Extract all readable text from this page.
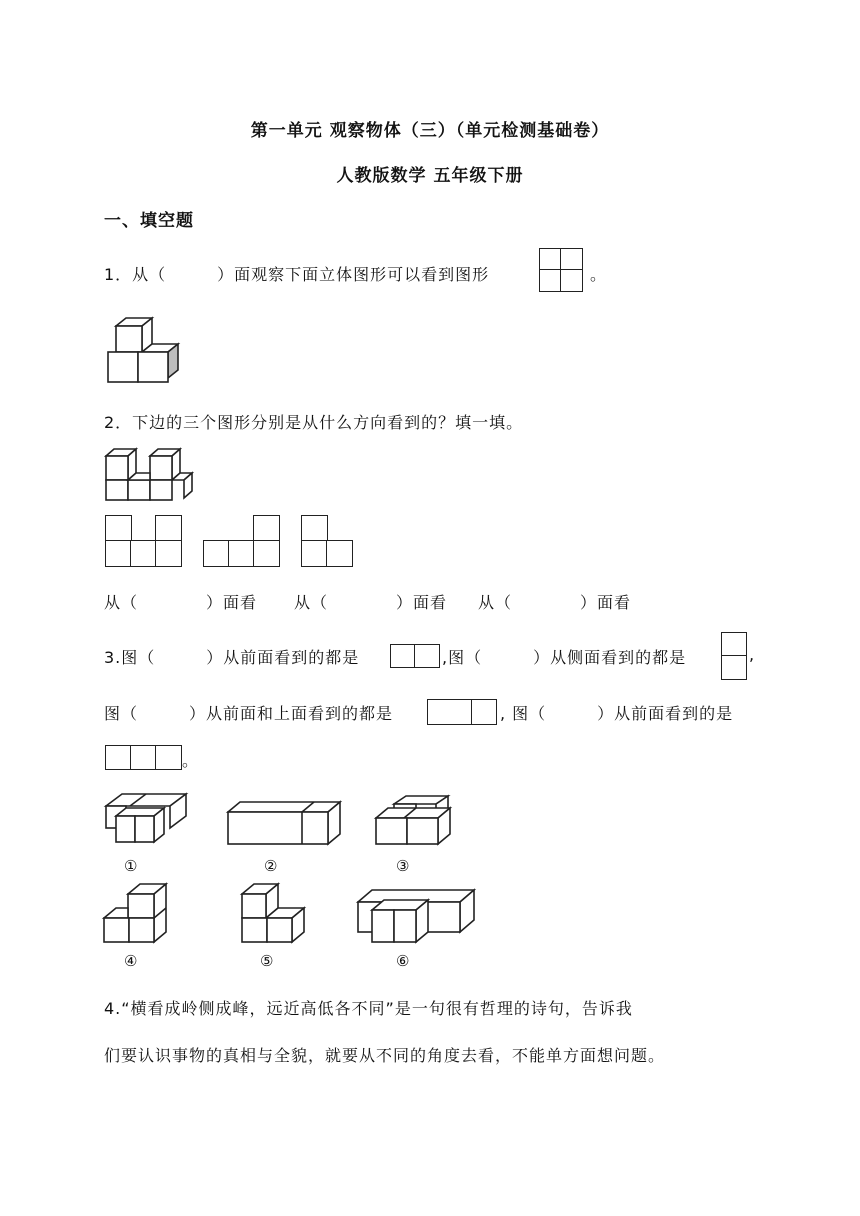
第一单元 观察物体（三）（单元检测基础卷）
人教版数学 五年级下册
一、填空题
1．从（　　　）面观察下面立体图形可以看到图形	。
2．下边的三个图形分别是从什么方向看到的？填一填。
从（　　　　）面看 从（　　　　）面看 从（　　　　）面看
3.图（　　　）从前面看到的都是	,图（　　　）从侧面看到的都是	,
图（　　　）从前面和上面看到的都是	, 图（　　　）从前面看到的是
。
①	②	③
④	⑤	⑥
4.“横看成岭侧成峰，远近高低各不同”是一句很有哲理的诗句，告诉我
们要认识事物的真相与全貌，就要从不同的角度去看，不能单方面想问题。
